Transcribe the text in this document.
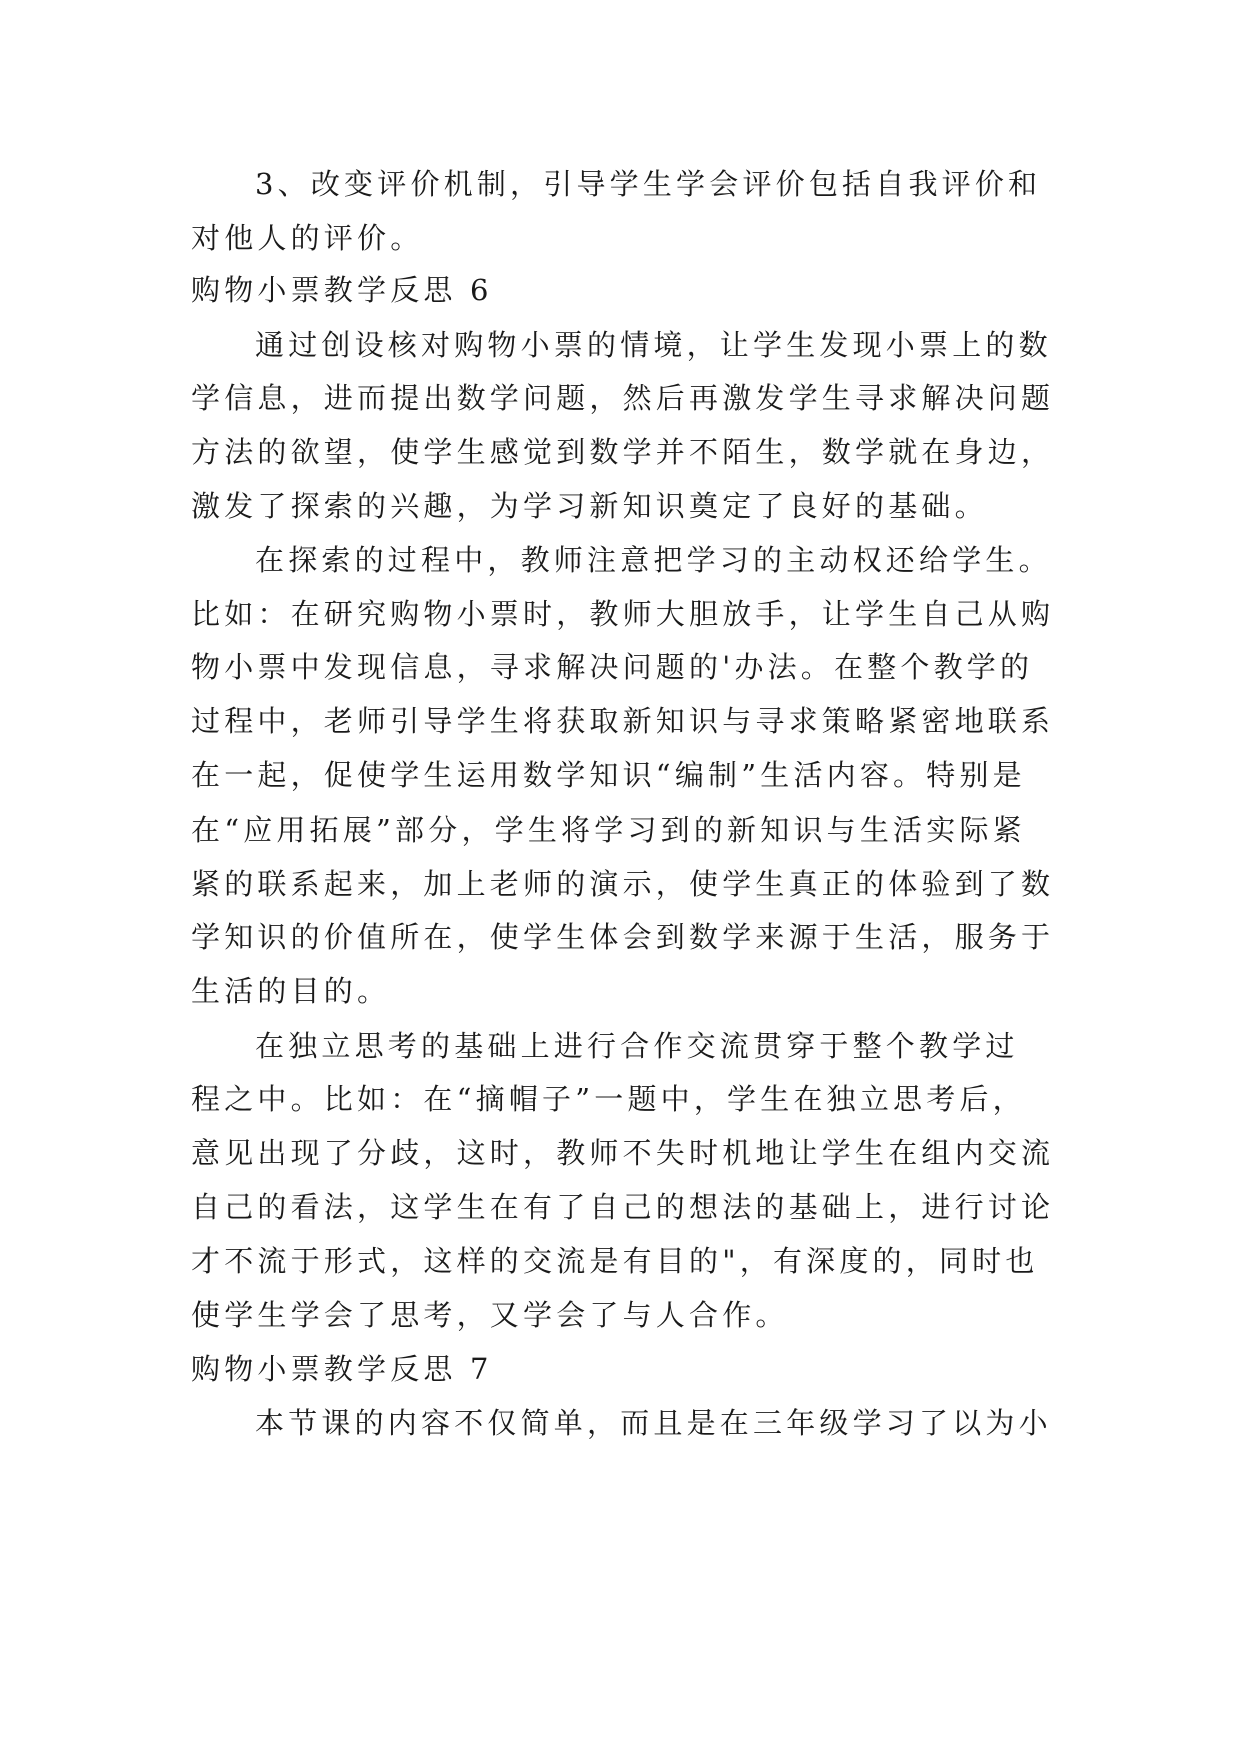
3、改变评价机制，引导学生学会评价包括自我评价和
对他人的评价。
购物小票教学反思 6
通过创设核对购物小票的情境，让学生发现小票上的数
学信息，进而提出数学问题，然后再激发学生寻求解决问题
方法的欲望，使学生感觉到数学并不陌生，数学就在身边，
激发了探索的兴趣，为学习新知识奠定了良好的基础。
在探索的过程中，教师注意把学习的主动权还给学生。
比如：在研究购物小票时，教师大胆放手，让学生自己从购
物小票中发现信息，寻求解决问题的'办法。在整个教学的
过程中，老师引导学生将获取新知识与寻求策略紧密地联系
在一起，促使学生运用数学知识“编制”生活内容。特别是
在“应用拓展”部分，学生将学习到的新知识与生活实际紧
紧的联系起来，加上老师的演示，使学生真正的体验到了数
学知识的价值所在，使学生体会到数学来源于生活，服务于
生活的目的。
在独立思考的基础上进行合作交流贯穿于整个教学过
程之中。比如：在“摘帽子”一题中，学生在独立思考后，
意见出现了分歧，这时，教师不失时机地让学生在组内交流
自己的看法，这学生在有了自己的想法的基础上，进行讨论
才不流于形式，这样的交流是有目的"，有深度的，同时也
使学生学会了思考，又学会了与人合作。
购物小票教学反思 7
本节课的内容不仅简单，而且是在三年级学习了以为小
